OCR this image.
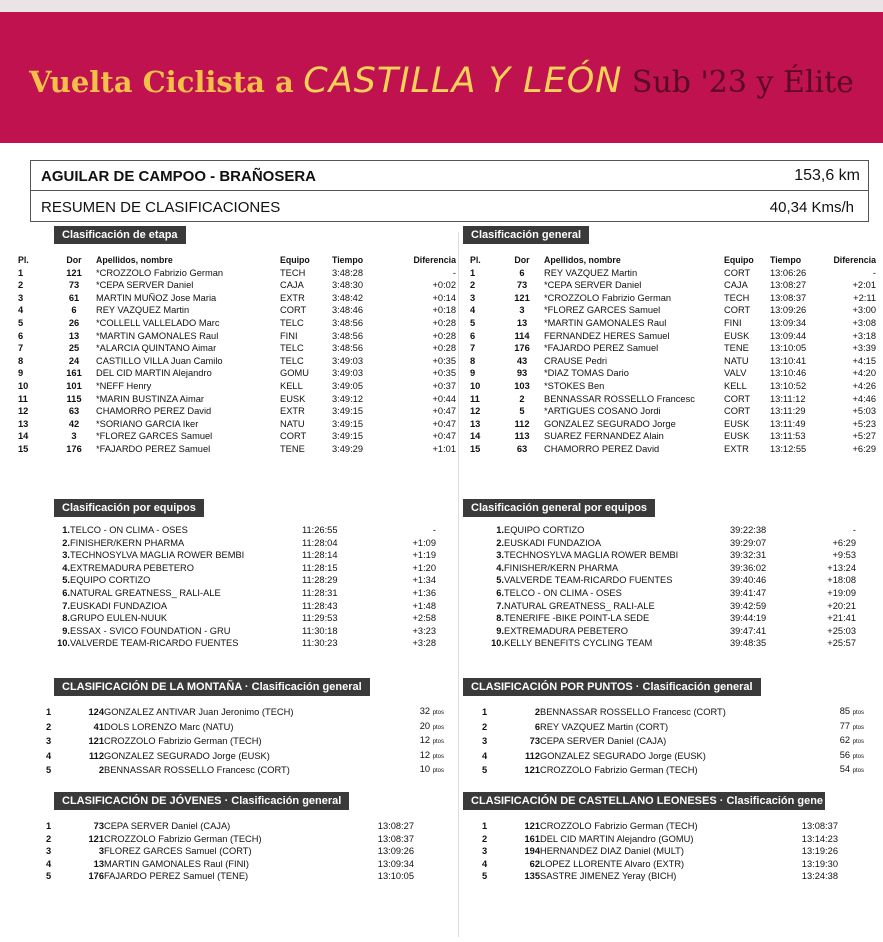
Vuelta Ciclista a CASTILLA Y LEÓN Sub '23 y Élite
AGUILAR DE CAMPOO - BRAÑOSERA	153,6 km
RESUMEN DE CLASIFICACIONES	40,34 Kms/h
Clasificación de etapa
Pl.	Dor	Apellidos, nombre	Equipo	Tiempo	Diferencia
1	121	*CROZZOLO Fabrizio German	TECH	3:48:28	-
2	73	*CEPA SERVER Daniel	CAJA	3:48:30	+0:02
3	61	MARTIN MUÑOZ Jose Maria	EXTR	3:48:42	+0:14
4	6	REY VAZQUEZ Martin	CORT	3:48:46	+0:18
5	26	*COLLELL VALLELADO Marc	TELC	3:48:56	+0:28
6	13	*MARTIN GAMONALES Raul	FINI	3:48:56	+0:28
7	25	*ALARCIA QUINTANO Aimar	TELC	3:48:56	+0:28
8	24	CASTILLO VILLA Juan Camilo	TELC	3:49:03	+0:35
9	161	DEL CID MARTIN Alejandro	GOMU	3:49:03	+0:35
10	101	*NEFF Henry	KELL	3:49:05	+0:37
11	115	*MARIN BUSTINZA Aimar	EUSK	3:49:12	+0:44
12	63	CHAMORRO PEREZ David	EXTR	3:49:15	+0:47
13	42	*SORIANO GARCIA Iker	NATU	3:49:15	+0:47
14	3	*FLOREZ GARCES Samuel	CORT	3:49:15	+0:47
15	176	*FAJARDO PEREZ Samuel	TENE	3:49:29	+1:01
Clasificación general
Pl.	Dor	Apellidos, nombre	Equipo	Tiempo	Diferencia
1	6	REY VAZQUEZ Martin	CORT	13:06:26	-
2	73	*CEPA SERVER Daniel	CAJA	13:08:27	+2:01
3	121	*CROZZOLO Fabrizio German	TECH	13:08:37	+2:11
4	3	*FLOREZ GARCES Samuel	CORT	13:09:26	+3:00
5	13	*MARTIN GAMONALES Raul	FINI	13:09:34	+3:08
6	114	FERNANDEZ HERES Samuel	EUSK	13:09:44	+3:18
7	176	*FAJARDO PEREZ Samuel	TENE	13:10:05	+3:39
8	43	CRAUSE Pedri	NATU	13:10:41	+4:15
9	93	*DIAZ TOMAS Dario	VALV	13:10:46	+4:20
10	103	*STOKES Ben	KELL	13:10:52	+4:26
11	2	BENNASSAR ROSSELLO Francesc	CORT	13:11:12	+4:46
12	5	*ARTIGUES COSANO Jordi	CORT	13:11:29	+5:03
13	112	GONZALEZ SEGURADO Jorge	EUSK	13:11:49	+5:23
14	113	SUAREZ FERNANDEZ Alain	EUSK	13:11:53	+5:27
15	63	CHAMORRO PEREZ David	EXTR	13:12:55	+6:29
Clasificación por equipos
1.	TELCO - ON CLIMA - OSES	11:26:55	-
2.	FINISHER/KERN PHARMA	11:28:04	+1:09
3.	TECHNOSYLVA MAGLIA ROWER BEMBI	11:28:14	+1:19
4.	EXTREMADURA PEBETERO	11:28:15	+1:20
5.	EQUIPO CORTIZO	11:28:29	+1:34
6.	NATURAL GREATNESS_ RALI-ALE	11:28:31	+1:36
7.	EUSKADI FUNDAZIOA	11:28:43	+1:48
8.	GRUPO EULEN-NUUK	11:29:53	+2:58
9.	ESSAX - SVICO FOUNDATION - GRU	11:30:18	+3:23
10.	VALVERDE TEAM-RICARDO FUENTES	11:30:23	+3:28
Clasificación general por equipos
1.	EQUIPO CORTIZO	39:22:38	-
2.	EUSKADI FUNDAZIOA	39:29:07	+6:29
3.	TECHNOSYLVA MAGLIA ROWER BEMBI	39:32:31	+9:53
4.	FINISHER/KERN PHARMA	39:36:02	+13:24
5.	VALVERDE TEAM-RICARDO FUENTES	39:40:46	+18:08
6.	TELCO - ON CLIMA - OSES	39:41:47	+19:09
7.	NATURAL GREATNESS_ RALI-ALE	39:42:59	+20:21
8.	TENERIFE -BIKE POINT-LA SEDE	39:44:19	+21:41
9.	EXTREMADURA PEBETERO	39:47:41	+25:03
10.	KELLY BENEFITS CYCLING TEAM	39:48:35	+25:57
CLASIFICACIÓN DE LA MONTAÑA · Clasificación general
1	124	GONZALEZ ANTIVAR Juan Jeronimo (TECH)	32 ptos
2	41	DOLS LORENZO Marc (NATU)	20 ptos
3	121	CROZZOLO Fabrizio German (TECH)	12 ptos
4	112	GONZALEZ SEGURADO Jorge (EUSK)	12 ptos
5	2	BENNASSAR ROSSELLO Francesc (CORT)	10 ptos
CLASIFICACIÓN POR PUNTOS · Clasificación general
1	2	BENNASSAR ROSSELLO Francesc (CORT)	85 ptos
2	6	REY VAZQUEZ Martin (CORT)	77 ptos
3	73	CEPA SERVER Daniel (CAJA)	62 ptos
4	112	GONZALEZ SEGURADO Jorge (EUSK)	56 ptos
5	121	CROZZOLO Fabrizio German (TECH)	54 ptos
CLASIFICACIÓN DE JÓVENES · Clasificación general
1	73	CEPA SERVER Daniel (CAJA)	13:08:27
2	121	CROZZOLO Fabrizio German (TECH)	13:08:37
3	3	FLOREZ GARCES Samuel (CORT)	13:09:26
4	13	MARTIN GAMONALES Raul (FINI)	13:09:34
5	176	FAJARDO PEREZ Samuel (TENE)	13:10:05
CLASIFICACIÓN DE CASTELLANO LEONESES · Clasificación gene
1	121	CROZZOLO Fabrizio German (TECH)	13:08:37
2	161	DEL CID MARTIN Alejandro (GOMU)	13:14:23
3	194	HERNANDEZ DIAZ Daniel (MULT)	13:19:26
4	62	LOPEZ LLORENTE Alvaro (EXTR)	13:19:30
5	135	SASTRE JIMENEZ Yeray (BICH)	13:24:38
